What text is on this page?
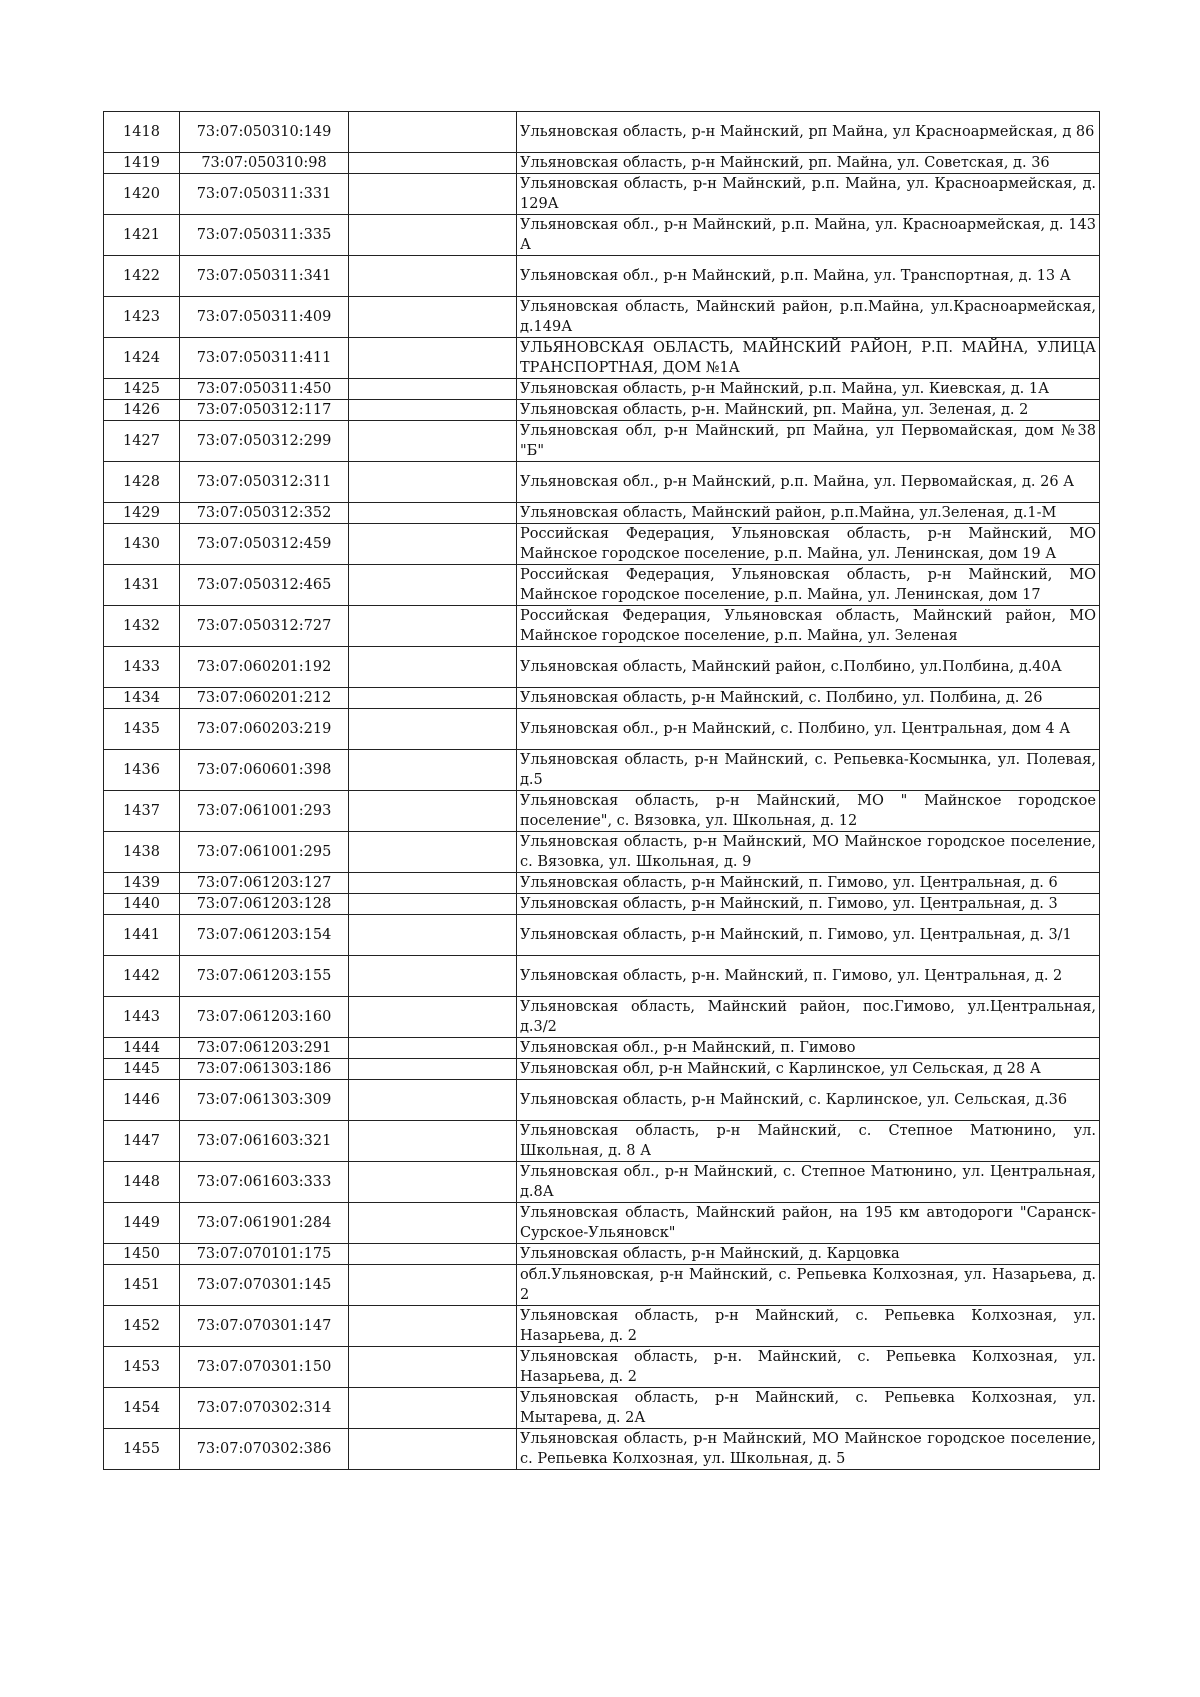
1418	73:07:050310:149		Ульяновская область, р-н Майнский, рп Майна, ул Красноармейская, д 86
1419	73:07:050310:98		Ульяновская область, р-н Майнский, рп. Майна, ул. Советская, д. 36
1420	73:07:050311:331		Ульяновская область, р-н Майнский, р.п. Майна, ул. Красноармейская, д. 129А
1421	73:07:050311:335		Ульяновская обл., р-н Майнский, р.п. Майна, ул. Красноармейская, д. 143 А
1422	73:07:050311:341		Ульяновская обл., р-н Майнский, р.п. Майна, ул. Транспортная, д. 13 А
1423	73:07:050311:409		Ульяновская область, Майнский район, р.п.Майна, ул.Красноармейская, д.149А
1424	73:07:050311:411		УЛЬЯНОВСКАЯ ОБЛАСТЬ, МАЙНСКИЙ РАЙОН, Р.П. МАЙНА, УЛИЦА ТРАНСПОРТНАЯ, ДОМ №1А
1425	73:07:050311:450		Ульяновская область, р-н Майнский, р.п. Майна, ул. Киевская, д. 1А
1426	73:07:050312:117		Ульяновская область, р-н. Майнский, рп. Майна, ул. Зеленая, д. 2
1427	73:07:050312:299		Ульяновская обл, р-н Майнский, рп Майна, ул Первомайская, дом №38 "Б"
1428	73:07:050312:311		Ульяновская обл., р-н Майнский, р.п. Майна, ул. Первомайская, д. 26 А
1429	73:07:050312:352		Ульяновская область, Майнский район, р.п.Майна, ул.Зеленая, д.1-М
1430	73:07:050312:459		Российская Федерация, Ульяновская область, р-н Майнский, МО Майнское городское поселение, р.п. Майна, ул. Ленинская, дом 19 А
1431	73:07:050312:465		Российская Федерация, Ульяновская область, р-н Майнский, МО Майнское городское поселение, р.п. Майна, ул. Ленинская, дом 17
1432	73:07:050312:727		Российская Федерация, Ульяновская область, Майнский район, МО Майнское городское поселение, р.п. Майна, ул. Зеленая
1433	73:07:060201:192		Ульяновская область, Майнский район, с.Полбино, ул.Полбина, д.40А
1434	73:07:060201:212		Ульяновская область, р-н Майнский, с. Полбино, ул. Полбина, д. 26
1435	73:07:060203:219		Ульяновская обл., р-н Майнский, с. Полбино, ул. Центральная, дом 4 А
1436	73:07:060601:398		Ульяновская область, р-н Майнский, с. Репьевка-Космынка, ул. Полевая, д.5
1437	73:07:061001:293		Ульяновская область, р-н Майнский, МО " Майнское городское поселение", с. Вязовка, ул. Школьная, д. 12
1438	73:07:061001:295		Ульяновская область, р-н Майнский, МО Майнское городское поселение, с. Вязовка, ул. Школьная, д. 9
1439	73:07:061203:127		Ульяновская область, р-н Майнский, п. Гимово, ул. Центральная, д. 6
1440	73:07:061203:128		Ульяновская область, р-н Майнский, п. Гимово, ул. Центральная, д. 3
1441	73:07:061203:154		Ульяновская область, р-н Майнский, п. Гимово, ул. Центральная, д. 3/1
1442	73:07:061203:155		Ульяновская область, р-н. Майнский, п. Гимово, ул. Центральная, д. 2
1443	73:07:061203:160		Ульяновская область, Майнский район, пос.Гимово, ул.Центральная, д.3/2
1444	73:07:061203:291		Ульяновская обл., р-н Майнский, п. Гимово
1445	73:07:061303:186		Ульяновская обл, р-н Майнский, с Карлинское, ул Сельская, д 28 А
1446	73:07:061303:309		Ульяновская область, р-н Майнский, с. Карлинское, ул. Сельская, д.36
1447	73:07:061603:321		Ульяновская область, р-н Майнский, с. Степное Матюнино, ул. Школьная, д. 8 А
1448	73:07:061603:333		Ульяновская обл., р-н Майнский, с. Степное Матюнино, ул. Центральная, д.8А
1449	73:07:061901:284		Ульяновская область, Майнский район, на 195 км автодороги "Саранск-Сурское-Ульяновск"
1450	73:07:070101:175		Ульяновская область, р-н Майнский, д. Карцовка
1451	73:07:070301:145		обл.Ульяновская, р-н Майнский, с. Репьевка Колхозная, ул. Назарьева, д. 2
1452	73:07:070301:147		Ульяновская область, р-н Майнский, с. Репьевка Колхозная, ул. Назарьева, д. 2
1453	73:07:070301:150		Ульяновская область, р-н. Майнский, с. Репьевка Колхозная, ул. Назарьева, д. 2
1454	73:07:070302:314		Ульяновская область, р-н Майнский, с. Репьевка Колхозная, ул. Мытарева, д. 2А
1455	73:07:070302:386		Ульяновская область, р-н Майнский, МО Майнское городское поселение, с. Репьевка Колхозная, ул. Школьная, д. 5
